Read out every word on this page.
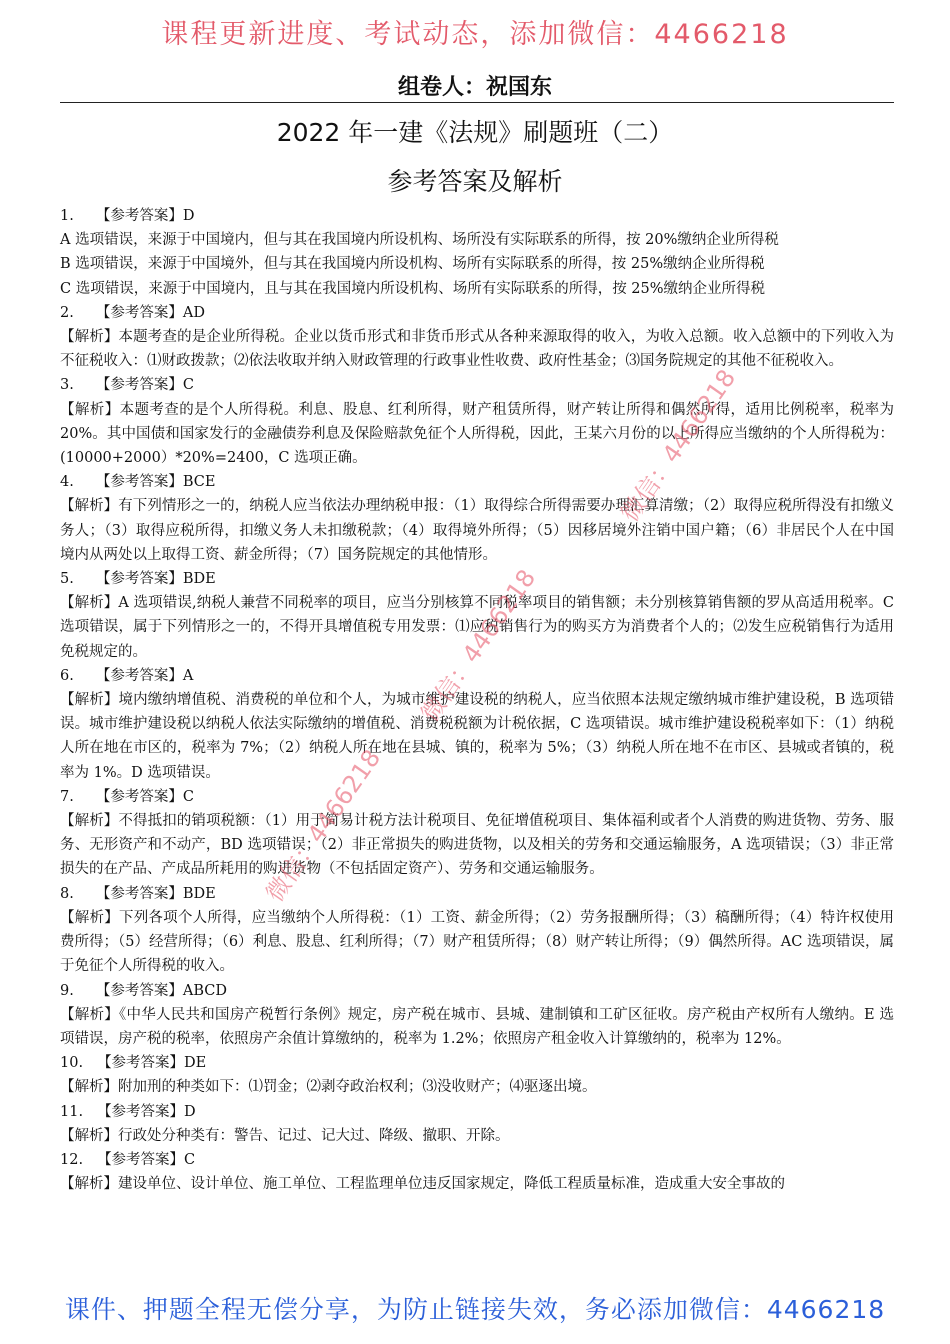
课程更新进度、考试动态，添加微信：4466218
组卷人：祝国东
2022 年一建《法规》刷题班（二）
参考答案及解析

1. 【参考答案】D

A 选项错误，来源于中国境内，但与其在我国境内所设机构、场所没有实际联系的所得，按 20%缴纳企业所得税

B 选项错误，来源于中国境外，但与其在我国境内所设机构、场所有实际联系的所得，按 25%缴纳企业所得税

C 选项错误，来源于中国境内，且与其在我国境内所设机构、场所有实际联系的所得，按 25%缴纳企业所得税

2. 【参考答案】AD

【解析】本题考查的是企业所得税。企业以货币形式和非货币形式从各种来源取得的收入，为收入总额。收入总额中的下列收入为不征税收入：⑴财政拨款；⑵依法收取并纳入财政管理的行政事业性收费、政府性基金；⑶国务院规定的其他不征税收入。

3. 【参考答案】C

【解析】本题考查的是个人所得税。利息、股息、红利所得，财产租赁所得，财产转让所得和偶然所得，适用比例税率，税率为 20%。其中国债和国家发行的金融债券利息及保险赔款免征个人所得税，因此，王某六月份的以上所得应当缴纳的个人所得税为：(10000+2000）*20%=2400，C 选项正确。

4. 【参考答案】BCE

【解析】有下列情形之一的，纳税人应当依法办理纳税申报：（1）取得综合所得需要办理汇算清缴；（2）取得应税所得没有扣缴义务人；（3）取得应税所得，扣缴义务人未扣缴税款；（4）取得境外所得；（5）因移居境外注销中国户籍；（6）非居民个人在中国境内从两处以上取得工资、薪金所得；（7）国务院规定的其他情形。

5. 【参考答案】BDE

【解析】A 选项错误,纳税人兼营不同税率的项目，应当分别核算不同税率项目的销售额；未分别核算销售额的罗从高适用税率。C 选项错误，属于下列情形之一的，不得开具增值税专用发票：⑴应税销售行为的购买方为消费者个人的；⑵发生应税销售行为适用免税规定的。

6. 【参考答案】A

【解析】境内缴纳增值税、消费税的单位和个人，为城市维护建设税的纳税人，应当依照本法规定缴纳城市维护建设税，B 选项错误。城市维护建设税以纳税人依法实际缴纳的增值税、消费税税额为计税依据，C 选项错误。城市维护建设税税率如下：（1）纳税人所在地在市区的，税率为 7%；（2）纳税人所在地在县城、镇的，税率为 5%；（3）纳税人所在地不在市区、县城或者镇的，税率为 1%。D 选项错误。

7. 【参考答案】C

【解析】不得抵扣的销项税额：（1）用于简易计税方法计税项目、免征增值税项目、集体福利或者个人消费的购进货物、劳务、服务、无形资产和不动产，BD 选项错误；（2）非正常损失的购进货物，以及相关的劳务和交通运输服务，A 选项错误；（3）非正常损失的在产品、产成品所耗用的购进货物（不包括固定资产）、劳务和交通运输服务。

8. 【参考答案】BDE

【解析】下列各项个人所得，应当缴纳个人所得税：（1）工资、薪金所得；（2）劳务报酬所得；（3）稿酬所得；（4）特许权使用费所得；（5）经营所得；（6）利息、股息、红利所得；（7）财产租赁所得；（8）财产转让所得；（9）偶然所得。AC 选项错误，属于免征个人所得税的收入。

9. 【参考答案】ABCD

【解析】《中华人民共和国房产税暂行条例》规定，房产税在城市、县城、建制镇和工矿区征收。房产税由产权所有人缴纳。E 选项错误，房产税的税率，依照房产余值计算缴纳的，税率为 1.2%；依照房产租金收入计算缴纳的，税率为 12%。

10. 【参考答案】DE

【解析】附加刑的种类如下：⑴罚金；⑵剥夺政治权利；⑶没收财产；⑷驱逐出境。

11. 【参考答案】D

【解析】行政处分种类有：警告、记过、记大过、降级、撤职、开除。

12. 【参考答案】C

【解析】建设单位、设计单位、施工单位、工程监理单位违反国家规定，降低工程质量标准，造成重大安全事故的

微信：4466218
微信：4466218
微信：4466218
课件、押题全程无偿分享，为防止链接失效，务必添加微信：4466218
